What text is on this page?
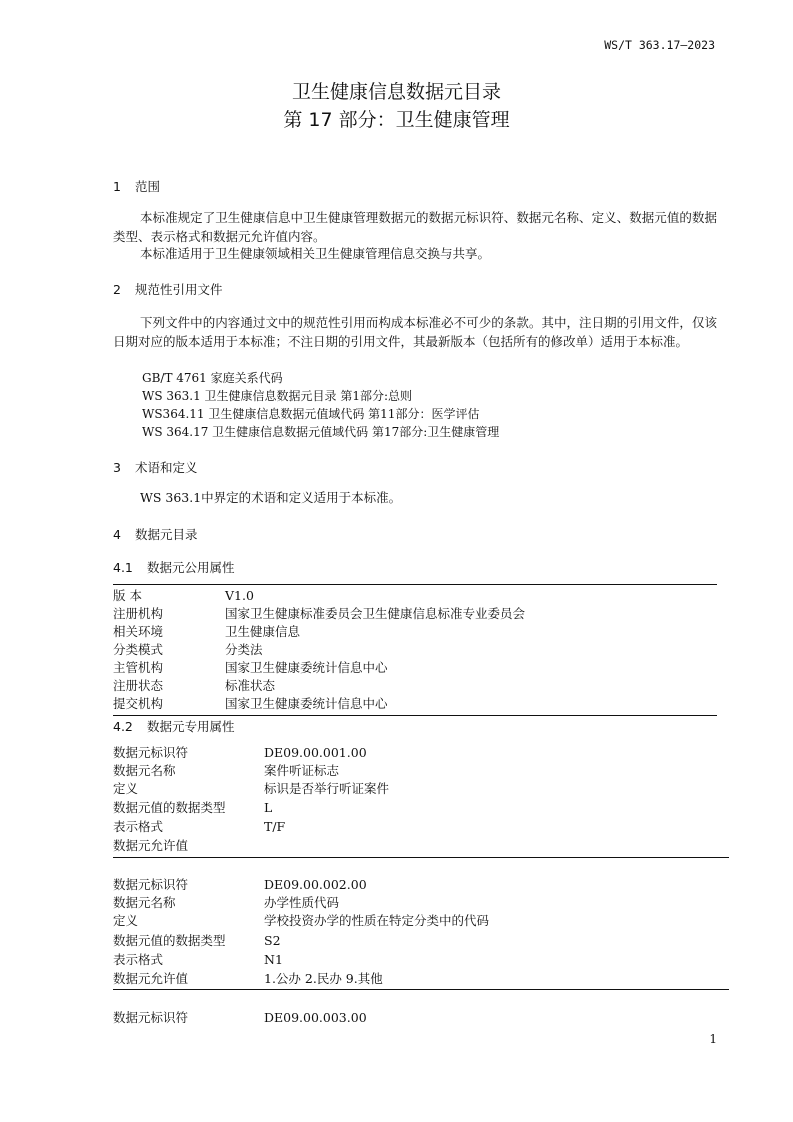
WS/T 363.17—2023
卫生健康信息数据元目录
第 17 部分：卫生健康管理
1 范围
本标准规定了卫生健康信息中卫生健康管理数据元的数据元标识符、数据元名称、定义、数据元值的数据类型、表示格式和数据元允许值内容。
本标准适用于卫生健康领域相关卫生健康管理信息交换与共享。
2 规范性引用文件
下列文件中的内容通过文中的规范性引用而构成本标准必不可少的条款。其中，注日期的引用文件，仅该日期对应的版本适用于本标准；不注日期的引用文件，其最新版本（包括所有的修改单）适用于本标准。
GB/T 4761 家庭关系代码
WS 363.1 卫生健康信息数据元目录 第1部分:总则
WS364.11 卫生健康信息数据元值域代码 第11部分：医学评估
WS 364.17 卫生健康信息数据元值域代码 第17部分:卫生健康管理
3 术语和定义
WS 363.1中界定的术语和定义适用于本标准。
4 数据元目录
4.1 数据元公用属性
版 本	V1.0
注册机构	国家卫生健康标准委员会卫生健康信息标准专业委员会
相关环境	卫生健康信息
分类模式	分类法
主管机构	国家卫生健康委统计信息中心
注册状态	标准状态
提交机构	国家卫生健康委统计信息中心
4.2 数据元专用属性
数据元标识符	DE09.00.001.00
数据元名称	案件听证标志
定义	标识是否举行听证案件
数据元值的数据类型	L
表示格式	T/F
数据元允许值
数据元标识符	DE09.00.002.00
数据元名称	办学性质代码
定义	学校投资办学的性质在特定分类中的代码
数据元值的数据类型	S2
表示格式	N1
数据元允许值	1.公办 2.民办 9.其他
数据元标识符	DE09.00.003.00
1
